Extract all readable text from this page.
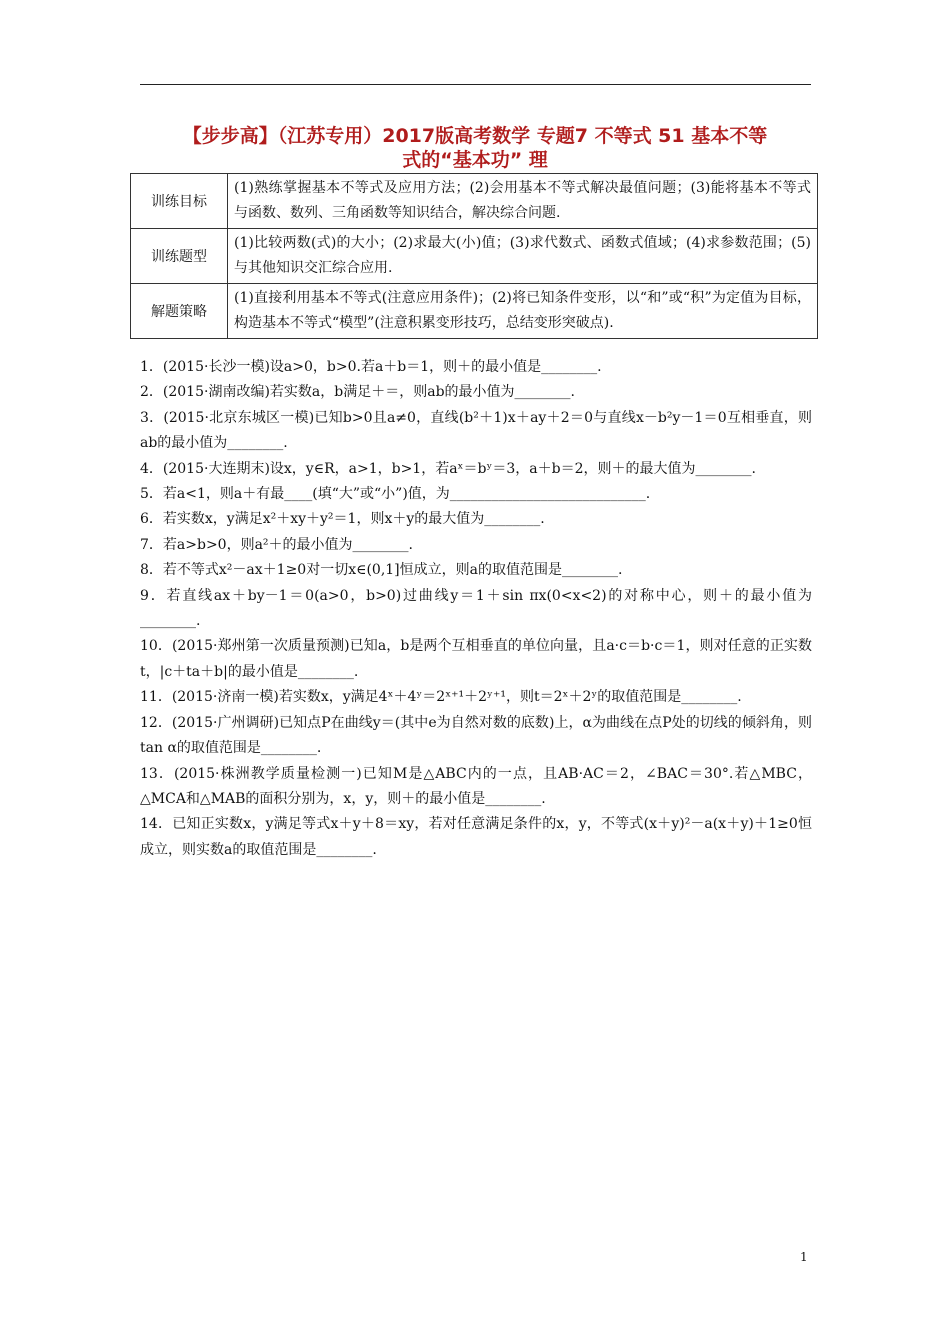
【步步高】（江苏专用）2017版高考数学 专题7 不等式 51 基本不等
式的“基本功” 理
训练目标	(1)熟练掌握基本不等式及应用方法；(2)会用基本不等式解决最值问题；(3)能将基本不等式与函数、数列、三角函数等知识结合，解决综合问题.
训练题型	(1)比较两数(式)的大小；(2)求最大(小)值；(3)求代数式、函数式值域；(4)求参数范围；(5)与其他知识交汇综合应用.
解题策略	(1)直接利用基本不等式(注意应用条件)；(2)将已知条件变形，以“和”或“积”为定值为目标，构造基本不等式“模型”(注意积累变形技巧，总结变形突破点).

1．(2015·长沙一模)设a>0，b>0.若a＋b＝1，则＋的最小值是________.

2．(2015·湖南改编)若实数a，b满足＋＝，则ab的最小值为________.

3．(2015·北京东城区一模)已知b>0且a≠0，直线(b²＋1)x＋ay＋2＝0与直线x－b²y－1＝0互相垂直，则ab的最小值为________.

4．(2015·大连期末)设x，y∈R，a>1，b>1，若aˣ＝bʸ＝3，a＋b＝2，则＋的最大值为________.

5．若a<1，则a＋有最____(填“大”或“小”)值，为____________________________.

6．若实数x，y满足x²＋xy＋y²＝1，则x＋y的最大值为________.

7．若a>b>0，则a²＋的最小值为________.

8．若不等式x²－ax＋1≥0对一切x∈(0,1]恒成立，则a的取值范围是________.

9．若直线ax＋by－1＝0(a>0，b>0)过曲线y＝1＋sin πx(0<x<2)的对称中心，则＋的最小值为________.

10．(2015·郑州第一次质量预测)已知a，b是两个互相垂直的单位向量，且a·c＝b·c＝1，则对任意的正实数t，|c＋ta＋b|的最小值是________.

11．(2015·济南一模)若实数x，y满足4ˣ＋4ʸ＝2ˣ⁺¹＋2ʸ⁺¹，则t＝2ˣ＋2ʸ的取值范围是________.

12．(2015·广州调研)已知点P在曲线y＝(其中e为自然对数的底数)上，α为曲线在点P处的切线的倾斜角，则tan α的取值范围是________.

13．(2015·株洲教学质量检测一)已知M是△ABC内的一点，且AB·AC＝2，∠BAC＝30°.若△MBC，△MCA和△MAB的面积分别为，x，y，则＋的最小值是________.

14．已知正实数x，y满足等式x＋y＋8＝xy，若对任意满足条件的x，y，不等式(x＋y)²－a(x＋y)＋1≥0恒成立，则实数a的取值范围是________.

1
